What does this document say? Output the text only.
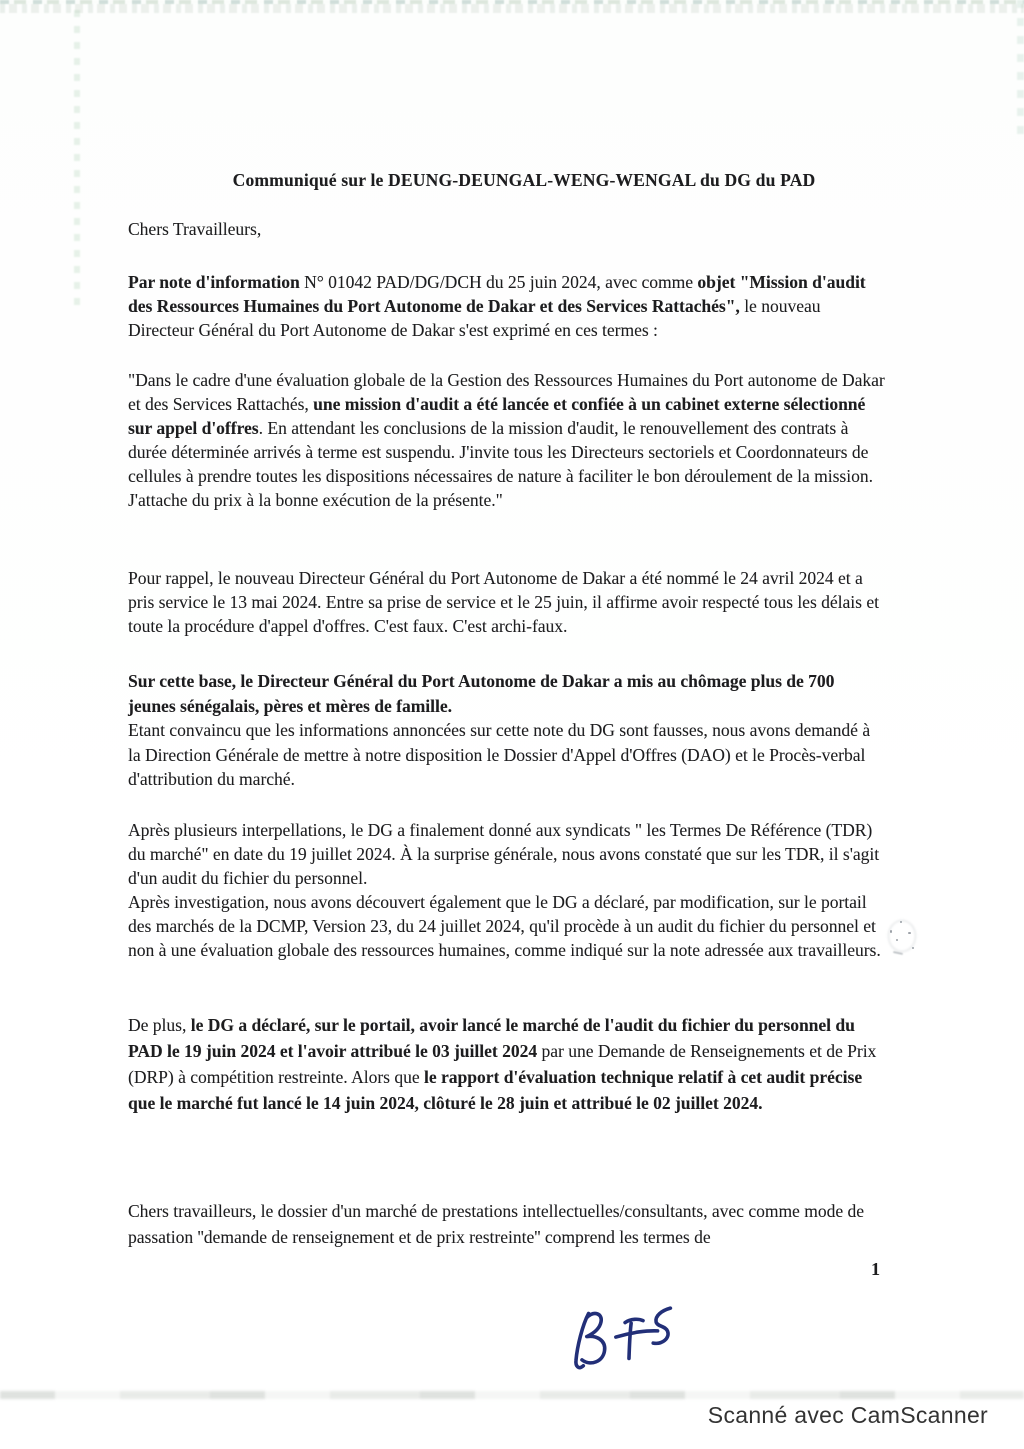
Communiqué sur le DEUNG-DEUNGAL-WENG-WENGAL du DG du PAD

Chers Travailleurs,

Par note d'information N° 01042 PAD/DG/DCH du 25 juin 2024, avec comme objet "Mission d'audit des Ressources Humaines du Port Autonome de Dakar et des Services Rattachés", le nouveau Directeur Général du Port Autonome de Dakar s'est exprimé en ces termes :

"Dans le cadre d'une évaluation globale de la Gestion des Ressources Humaines du Port autonome de Dakar et des Services Rattachés, une mission d'audit a été lancée et confiée à un cabinet externe sélectionné sur appel d'offres. En attendant les conclusions de la mission d'audit, le renouvellement des contrats à durée déterminée arrivés à terme est suspendu. J'invite tous les Directeurs sectoriels et Coordonnateurs de cellules à prendre toutes les dispositions nécessaires de nature à faciliter le bon déroulement de la mission. J'attache du prix à la bonne exécution de la présente."

Pour rappel, le nouveau Directeur Général du Port Autonome de Dakar a été nommé le 24 avril 2024 et a pris service le 13 mai 2024. Entre sa prise de service et le 25 juin, il affirme avoir respecté tous les délais et toute la procédure d'appel d'offres. C'est faux. C'est archi-faux.

Sur cette base, le Directeur Général du Port Autonome de Dakar a mis au chômage plus de 700 jeunes sénégalais, pères et mères de famille.
Etant convaincu que les informations annoncées sur cette note du DG sont fausses, nous avons demandé à la Direction Générale de mettre à notre disposition le Dossier d'Appel d'Offres (DAO) et le Procès-verbal d'attribution du marché.
Après plusieurs interpellations, le DG a finalement donné aux syndicats " les Termes De Référence (TDR) du marché" en date du 19 juillet 2024. À la surprise générale, nous avons constaté que sur les TDR, il s'agit d'un audit du fichier du personnel.
Après investigation, nous avons découvert également que le DG a déclaré, par modification, sur le portail des marchés de la DCMP, Version 23, du 24 juillet 2024, qu'il procède à un audit du fichier du personnel et non à une évaluation globale des ressources humaines, comme indiqué sur la note adressée aux travailleurs.

De plus, le DG a déclaré, sur le portail, avoir lancé le marché de l'audit du fichier du personnel du PAD le 19 juin 2024 et l'avoir attribué le 03 juillet 2024 par une Demande de Renseignements et de Prix (DRP) à compétition restreinte. Alors que le rapport d'évaluation technique relatif à cet audit précise que le marché fut lancé le 14 juin 2024, clôturé le 28 juin et attribué le 02 juillet 2024.

Chers travailleurs, le dossier d'un marché de prestations intellectuelles/consultants, avec comme mode de passation ''demande de renseignement et de prix restreinte'' comprend les termes de

1
Scanné avec CamScanner
